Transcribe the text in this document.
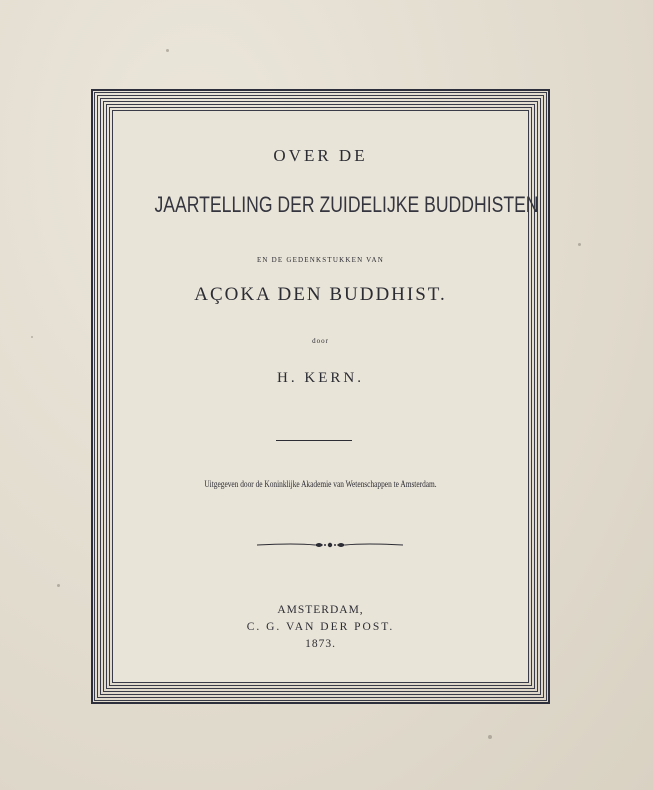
OVER DE
JAARTELLING DER ZUIDELIJKE BUDDHISTEN
EN DE GEDENKSTUKKEN VAN
AÇOKA DEN BUDDHIST.
door
H. KERN.
Uitgegeven door de Koninklijke Akademie van Wetenschappen te Amsterdam.
AMSTERDAM,
C. G. VAN DER POST.
1873.
